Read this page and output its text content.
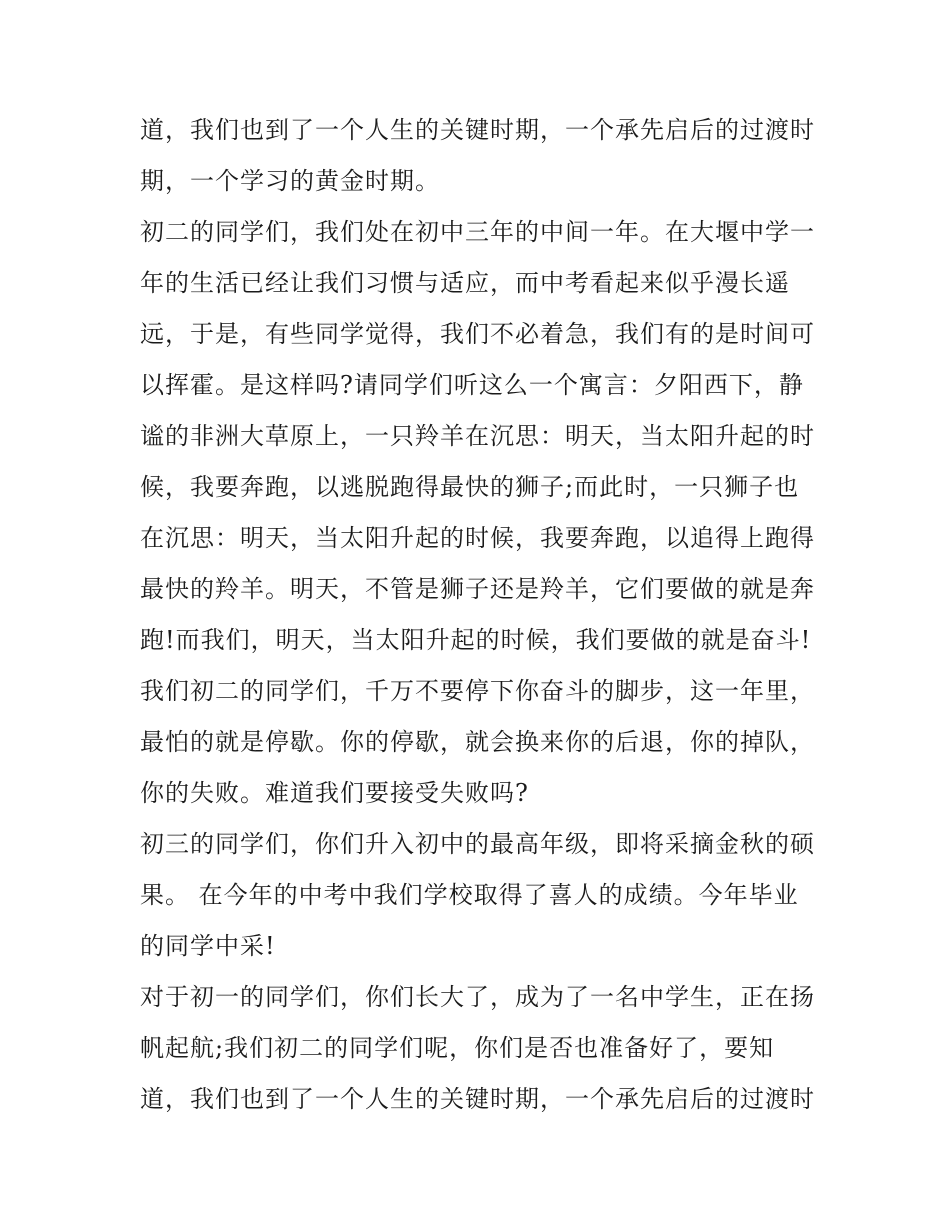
道，我们也到了一个人生的关键时期，一个承先启后的过渡时
期，一个学习的黄金时期。
初二的同学们，我们处在初中三年的中间一年。在大堰中学一
年的生活已经让我们习惯与适应，而中考看起来似乎漫长遥
远，于是，有些同学觉得，我们不必着急，我们有的是时间可
以挥霍。是这样吗?请同学们听这么一个寓言：夕阳西下，静
谧的非洲大草原上，一只羚羊在沉思：明天，当太阳升起的时
候，我要奔跑，以逃脱跑得最快的狮子;而此时，一只狮子也
在沉思：明天，当太阳升起的时候，我要奔跑，以追得上跑得
最快的羚羊。明天，不管是狮子还是羚羊，它们要做的就是奔
跑!而我们，明天，当太阳升起的时候，我们要做的就是奋斗!
我们初二的同学们，千万不要停下你奋斗的脚步，这一年里，
最怕的就是停歇。你的停歇，就会换来你的后退，你的掉队，
你的失败。难道我们要接受失败吗?
初三的同学们，你们升入初中的最高年级，即将采摘金秋的硕
果。 在今年的中考中我们学校取得了喜人的成绩。今年毕业
的同学中采!
对于初一的同学们，你们长大了，成为了一名中学生，正在扬
帆起航;我们初二的同学们呢，你们是否也准备好了，要知
道，我们也到了一个人生的关键时期，一个承先启后的过渡时
